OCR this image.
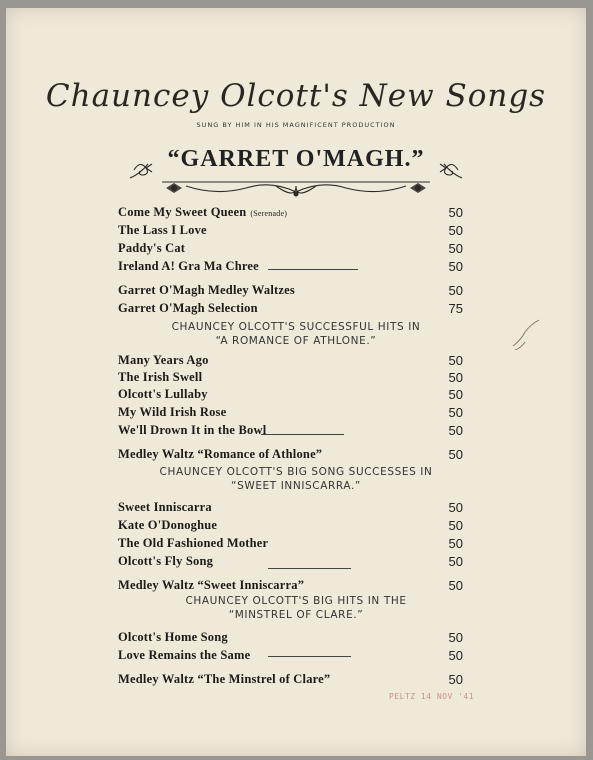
Chauncey Olcott's New Songs
SUNG BY HIM IN HIS MAGNIFICENT PRODUCTION
“GARRET O'MAGH.”
Come My Sweet Queen (Serenade)	50
The Lass I Love	50
Paddy's Cat	50
Ireland A! Gra Ma Chree	50
Garret O'Magh Medley Waltzes	50
Garret O'Magh Selection	75
Many Years Ago	50
The Irish Swell	50
Olcott's Lullaby	50
My Wild Irish Rose	50
We'll Drown It in the Bowl	50
Medley Waltz “Romance of Athlone”	50
Sweet Inniscarra	50
Kate O'Donoghue	50
The Old Fashioned Mother	50
Olcott's Fly Song	50
Medley Waltz “Sweet Inniscarra”	50
Olcott's Home Song	50
Love Remains the Same	50
Medley Waltz “The Minstrel of Clare”	50
CHAUNCEY OLCOTT'S SUCCESSFUL HITS IN
“A ROMANCE OF ATHLONE.”
CHAUNCEY OLCOTT'S BIG SONG SUCCESSES IN
“SWEET INNISCARRA.”
CHAUNCEY OLCOTT'S BIG HITS IN THE
“MINSTREL OF CLARE.”
PELTZ 14 NOV '41
